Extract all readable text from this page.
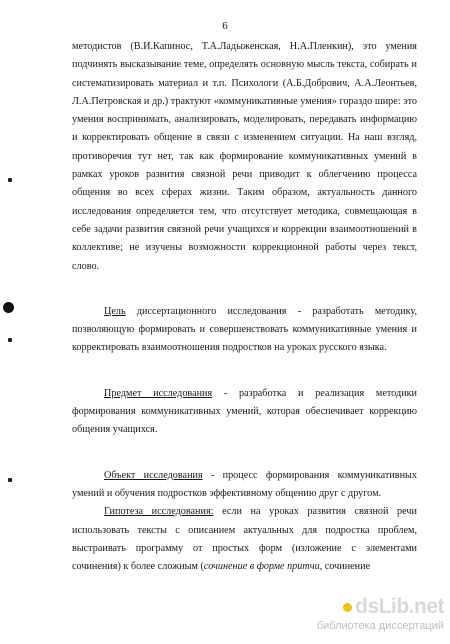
6

методистов (В.И.Капинос, Т.А.Ладыженская, Н.А.Пленкин), это умения подчинять высказывание теме, определять основную мысль текста, собирать и систематизировать материал и т.п. Психологи (А.Б.Добрович, А.А.Леонтьев, Л.А.Петровская и др.) трактуют «коммуникативные умения» гораздо шире: это умения воспринимать, анализировать, моделировать, передавать информацию и корректировать общение в связи с изменением ситуации. На наш взгляд, противоречия тут нет, так как формирование коммуникативных умений в рамках уроков развития связной речи приводит к облегчению процесса общения во всех сферах жизни. Таким образом, актуальность данного исследования определяется тем, что отсутствует методика, совмещающая в себе задачи развития связной речи учащихся и коррекции взаимоотношений в коллективе; не изучены возможности коррекционной работы через текст, слово.

Цель диссертационного исследования - разработать методику, позволяющую формировать и совершенствовать коммуникативные умения и корректировать взаимоотношения подростков на уроках русского языка.

Предмет исследования - разработка и реализация методики формирования коммуникативных умений, которая обеспечивает коррекцию общения учащихся.

Объект исследования - процесс формирования коммуникативных умений и обучения подростков эффективному общению друг с другом.

Гипотеза исследования: если на уроках развития связной речи использовать тексты с описанием актуальных для подростка проблем, выстраивать программу от простых форм (изложение с элементами сочинения) к более сложным (сочинение в форме притчи, сочинение

dsLib.net
библиотека диссертаций
